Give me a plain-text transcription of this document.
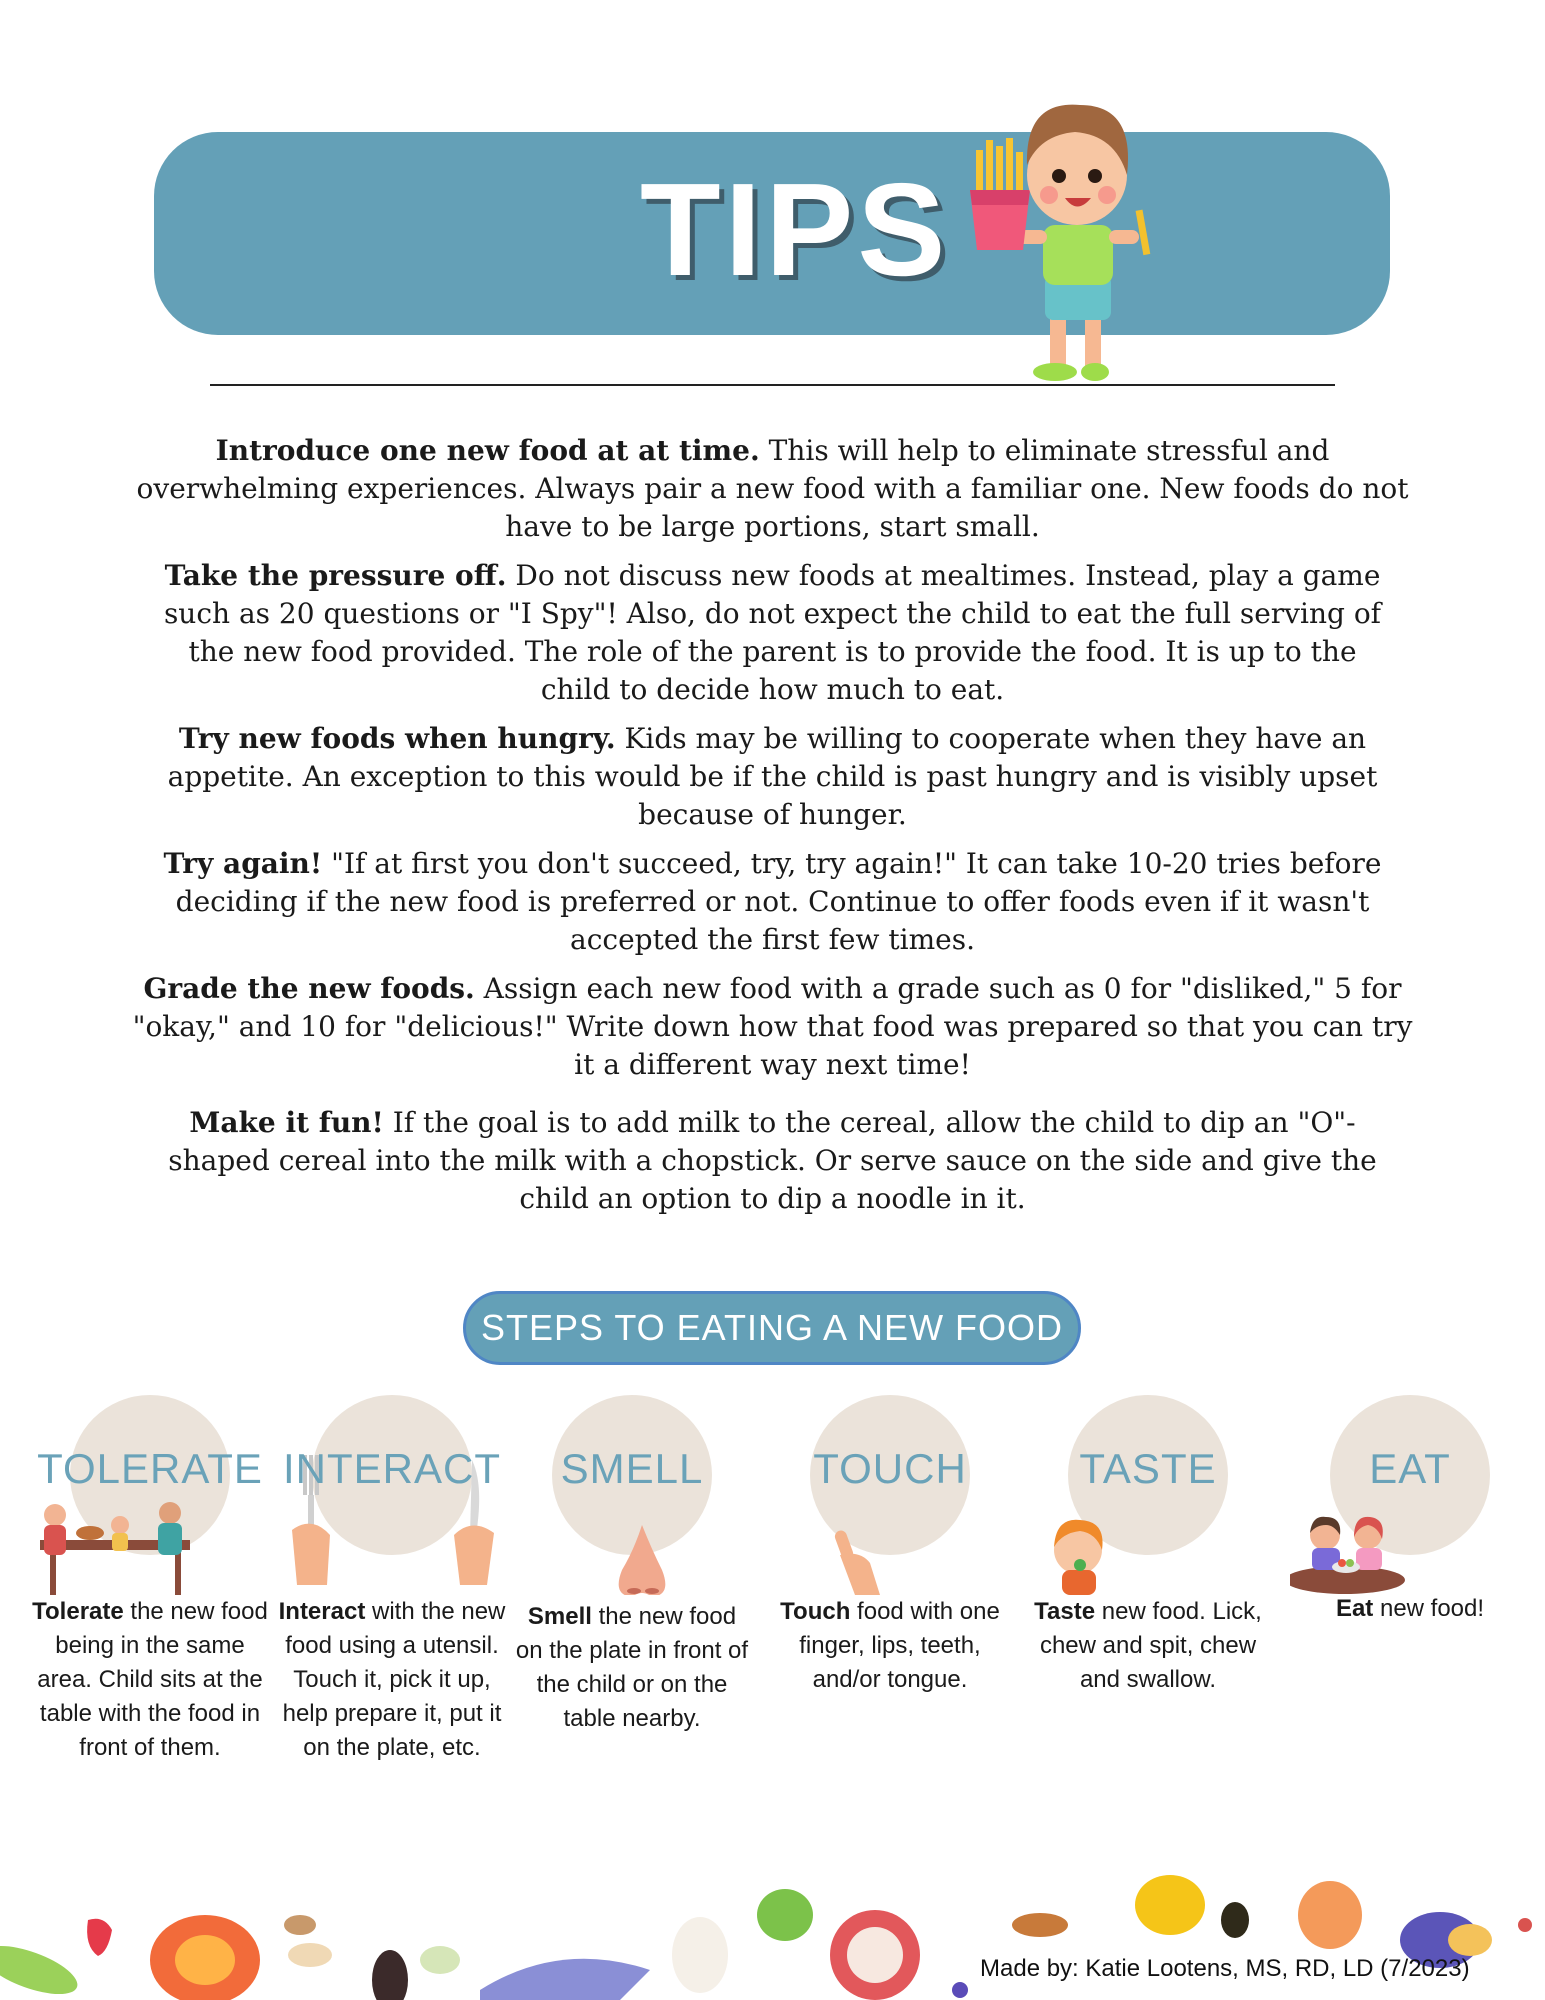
TIPS

Introduce one new food at at time. This will help to eliminate stressful and overwhelming experiences. Always pair a new food with a familiar one. New foods do not have to be large portions, start small.

Take the pressure off. Do not discuss new foods at mealtimes. Instead, play a game such as 20 questions or "I Spy"! Also, do not expect the child to eat the full serving of the new food provided. The role of the parent is to provide the food. It is up to the child to decide how much to eat.

Try new foods when hungry. Kids may be willing to cooperate when they have an appetite. An exception to this would be if the child is past hungry and is visibly upset because of hunger.

Try again! "If at first you don't succeed, try, try again!" It can take 10-20 tries before deciding if the new food is preferred or not. Continue to offer foods even if it wasn't accepted the first few times.

Grade the new foods. Assign each new food with a grade such as 0 for "disliked," 5 for "okay," and 10 for "delicious!" Write down how that food was prepared so that you can try it a different way next time!

Make it fun! If the goal is to add milk to the cereal, allow the child to dip an "O"-shaped cereal into the milk with a chopstick. Or serve sauce on the side and give the child an option to dip a noodle in it.

STEPS TO EATING A NEW FOOD
TOLERATE
Tolerate the new food being in the same area. Child sits at the table with the food in front of them.
INTERACT
Interact with the new food using a utensil. Touch it, pick it up, help prepare it, put it on the plate, etc.
SMELL
Smell the new food on the plate in front of the child or on the table nearby.
TOUCH
Touch food with one finger, lips, teeth, and/or tongue.
TASTE
Taste new food. Lick, chew and spit, chew and swallow.
EAT
Eat new food!
Made by: Katie Lootens, MS, RD, LD (7/2023)
